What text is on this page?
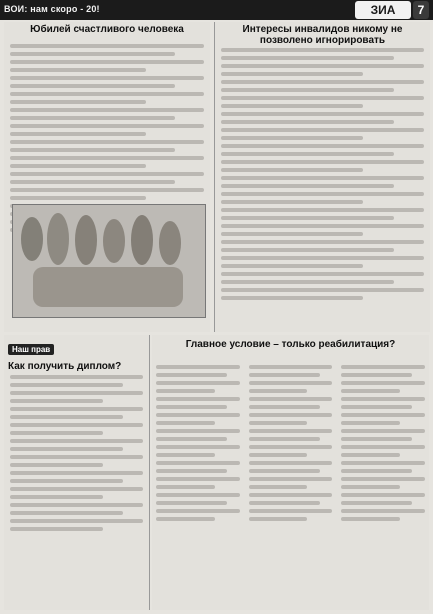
ВОИ: нам скоро - 20!	ЗИА	7
Юбилей счастливого человека	Интересы инвалидов никому не позволено игнорировать
Наш прав
Как получить диплом?
Главное условие – только реабилитация?
